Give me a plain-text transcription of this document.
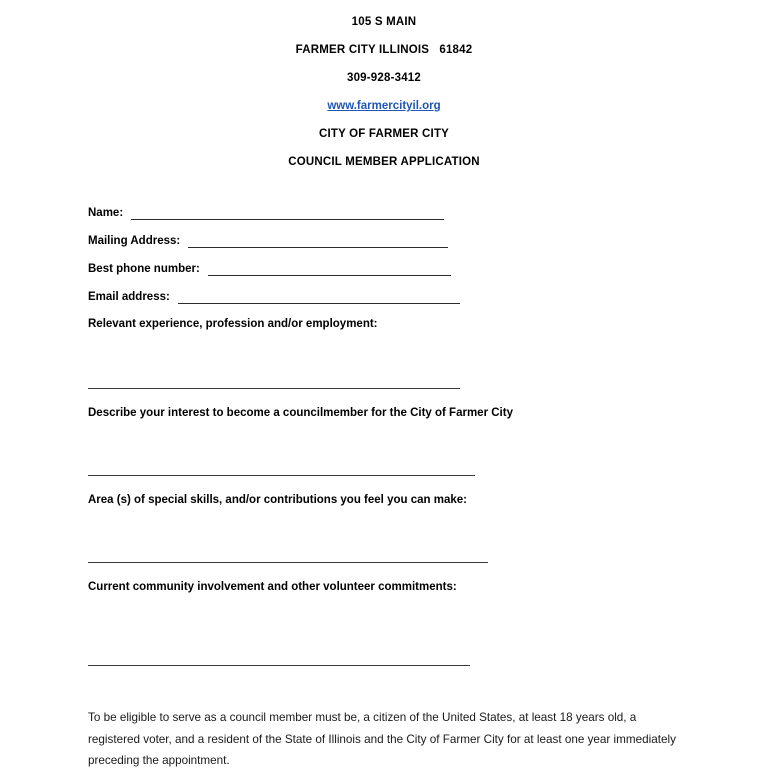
105 S MAIN
FARMER CITY ILLINOIS   61842
309-928-3412
www.farmercityil.org
CITY OF FARMER CITY
COUNCIL MEMBER APPLICATION
Name:
Mailing Address:
Best phone number:
Email address:
Relevant experience, profession and/or employment:
Describe your interest to become a councilmember for the City of Farmer City
Area (s) of special skills, and/or contributions you feel you can make:
Current community involvement and other volunteer commitments:
To be eligible to serve as a council member must be, a citizen of the United States, at least 18 years old, a registered voter, and a resident of the State of Illinois and the City of Farmer City for at least one year immediately preceding the appointment.
